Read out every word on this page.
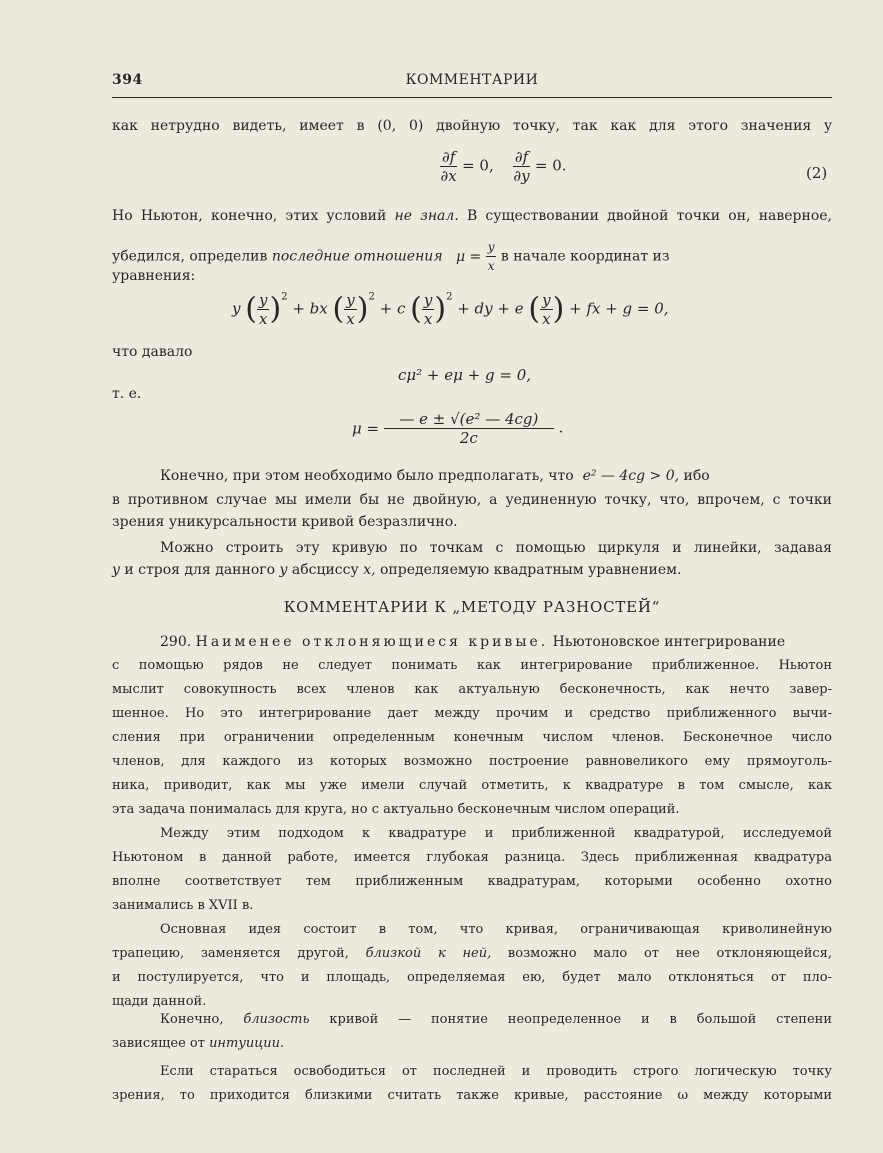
394	КОММЕНТАРИИ
как нетрудно видеть, имеет в (0, 0) двойную точку, так как для этого значения y
$\frac{\partial f}{\partial x} = 0$, $\frac{\partial f}{\partial y} = 0$.	(2)
Но Ньютон, конечно, этих условий не знал. В существовании двойной точки он, наверное,
убедился, определив последние отношения $\mu = \frac{y}{x}$ в начале координат из
уравнения:
y ( $\frac{y}{x} )^2$ + bx ( $\frac{y}{x} )^2 + c$ ( $\frac{y}{x} )^2$ + dy + e ( $\frac{y}{x}$ ) + fx + g = 0,
что давало
cμ² + eμ + g = 0,
т. е.
$\mu = \frac{\text{— e ± √(e² — 4cg)}}{2c}$ .
Конечно, при этом необходимо было предполагать, что e² — 4cg > 0, ибо
в противном случае мы имели бы не двойную, а уединенную точку, что, впрочем, с точки
зрения уникурсальности кривой безразлично.
Можно строить эту кривую по точкам с помощью циркуля и линейки, задавая
y и строя для данного y абсциссу x, определяемую квадратным уравнением.
КОММЕНТАРИИ К „МЕТОДУ РАЗНОСТЕЙ“
290. Наименее отклоняющиеся кривые. Ньютоновское интегрирование
с помощью рядов не следует понимать как интегрирование приближенное. Ньютон
мыслит совокупность всех членов как актуальную бесконечность, как нечто завер-
шенное. Но это интегрирование дает между прочим и средство приближенного вычи-
сления при ограничении определенным конечным числом членов. Бесконечное число
членов, для каждого из которых возможно построение равновеликого ему прямоуголь-
ника, приводит, как мы уже имели случай отметить, к квадратуре в том смысле, как
эта задача понималась для круга, но с актуально бесконечным числом операций.
Между этим подходом к квадратуре и приближенной квадратурой, исследуемой
Ньютоном в данной работе, имеется глубокая разница. Здесь приближенная квадратура
вполне соответствует тем приближенным квадратурам, которыми особенно охотно
занимались в XVII в.
Основная идея состоит в том, что кривая, ограничивающая криволинейную
трапецию, заменяется другой, близкой к ней, возможно мало от нее отклоняющейся,
и постулируется, что и площадь, определяемая ею, будет мало отклоняться от пло-
щади данной.
Конечно, близость кривой — понятие неопределенное и в большой степени
зависящее от интуиции.
Если стараться освободиться от последней и проводить строго логическую точку
зрения, то приходится близкими считать также кривые, расстояние ω между которыми
